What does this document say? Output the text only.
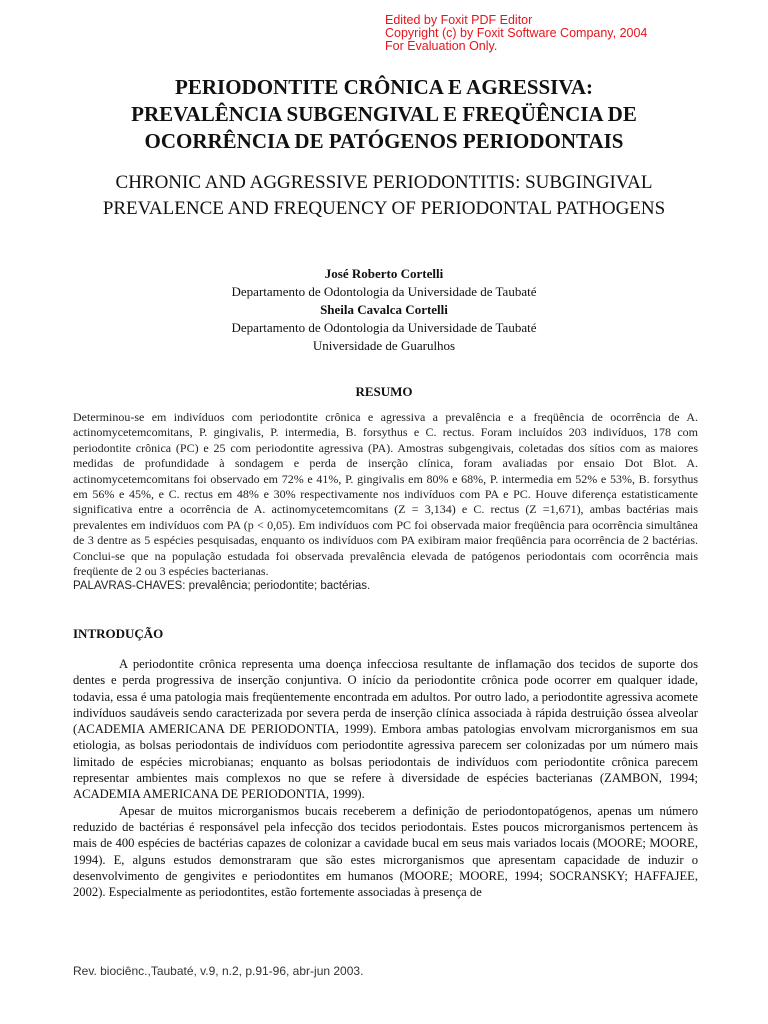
Edited by Foxit PDF Editor
Copyright (c) by Foxit Software Company, 2004
For Evaluation Only.
PERIODONTITE CRÔNICA E AGRESSIVA:
PREVALÊNCIA SUBGENGIVAL E FREQÜÊNCIA DE
OCORRÊNCIA DE PATÓGENOS PERIODONTAIS
CHRONIC AND AGGRESSIVE PERIODONTITIS: SUBGINGIVAL
PREVALENCE AND FREQUENCY OF PERIODONTAL PATHOGENS
José Roberto Cortelli
Departamento de Odontologia da Universidade de Taubaté
Sheila Cavalca Cortelli
Departamento de Odontologia da Universidade de Taubaté
Universidade de Guarulhos
RESUMO

Determinou-se em indivíduos com periodontite crônica e agressiva a prevalência e a freqüência de ocorrência de A. actinomycetemcomitans, P. gingivalis, P. intermedia, B. forsythus e C. rectus. Foram incluídos 203 indivíduos, 178 com periodontite crônica (PC) e 25 com periodontite agressiva (PA). Amostras subgengivais, coletadas dos sítios com as maiores medidas de profundidade à sondagem e perda de inserção clínica, foram avaliadas por ensaio Dot Blot. A. actinomycetemcomitans foi observado em 72% e 41%, P. gingivalis em 80% e 68%, P. intermedia em 52% e 53%, B. forsythus em 56% e 45%, e C. rectus em 48% e 30% respectivamente nos indivíduos com PA e PC. Houve diferença estatisticamente significativa entre a ocorrência de A. actinomycetemcomitans (Z = 3,134) e C. rectus (Z =1,671), ambas bactérias mais prevalentes em indivíduos com PA (p < 0,05). Em indivíduos com PC foi observada maior freqüência para ocorrência simultânea de 3 dentre as 5 espécies pesquisadas, enquanto os indivíduos com PA exibiram maior freqüência para ocorrência de 2 bactérias. Conclui-se que na população estudada foi observada prevalência elevada de patógenos periodontais com ocorrência mais freqüente de 2 ou 3 espécies bacterianas.

PALAVRAS-CHAVES: prevalência; periodontite; bactérias.

INTRODUÇÃO

A periodontite crônica representa uma doença infecciosa resultante de inflamação dos tecidos de suporte dos dentes e perda progressiva de inserção conjuntiva. O início da periodontite crônica pode ocorrer em qualquer idade, todavia, essa é uma patologia mais freqüentemente encontrada em adultos. Por outro lado, a periodontite agressiva acomete indivíduos saudáveis sendo caracterizada por severa perda de inserção clínica associada à rápida destruição óssea alveolar (ACADEMIA AMERICANA DE PERIODONTIA, 1999). Embora ambas patologias envolvam microrganismos em sua etiologia, as bolsas periodontais de indivíduos com periodontite agressiva parecem ser colonizadas por um número mais limitado de espécies microbianas; enquanto as bolsas periodontais de indivíduos com periodontite crônica parecem representar ambientes mais complexos no que se refere à diversidade de espécies bacterianas (ZAMBON, 1994; ACADEMIA AMERICANA DE PERIODONTIA, 1999).

Apesar de muitos microrganismos bucais receberem a definição de periodontopatógenos, apenas um número reduzido de bactérias é responsável pela infecção dos tecidos periodontais. Estes poucos microrganismos pertencem às mais de 400 espécies de bactérias capazes de colonizar a cavidade bucal em seus mais variados locais (MOORE; MOORE, 1994). E, alguns estudos demonstraram que são estes microrganismos que apresentam capacidade de induzir o desenvolvimento de gengivites e periodontites em humanos (MOORE; MOORE, 1994; SOCRANSKY; HAFFAJEE, 2002). Especialmente as periodontites, estão fortemente associadas à presença de

Rev. biociênc.,Taubaté, v.9, n.2, p.91-96, abr-jun 2003.
